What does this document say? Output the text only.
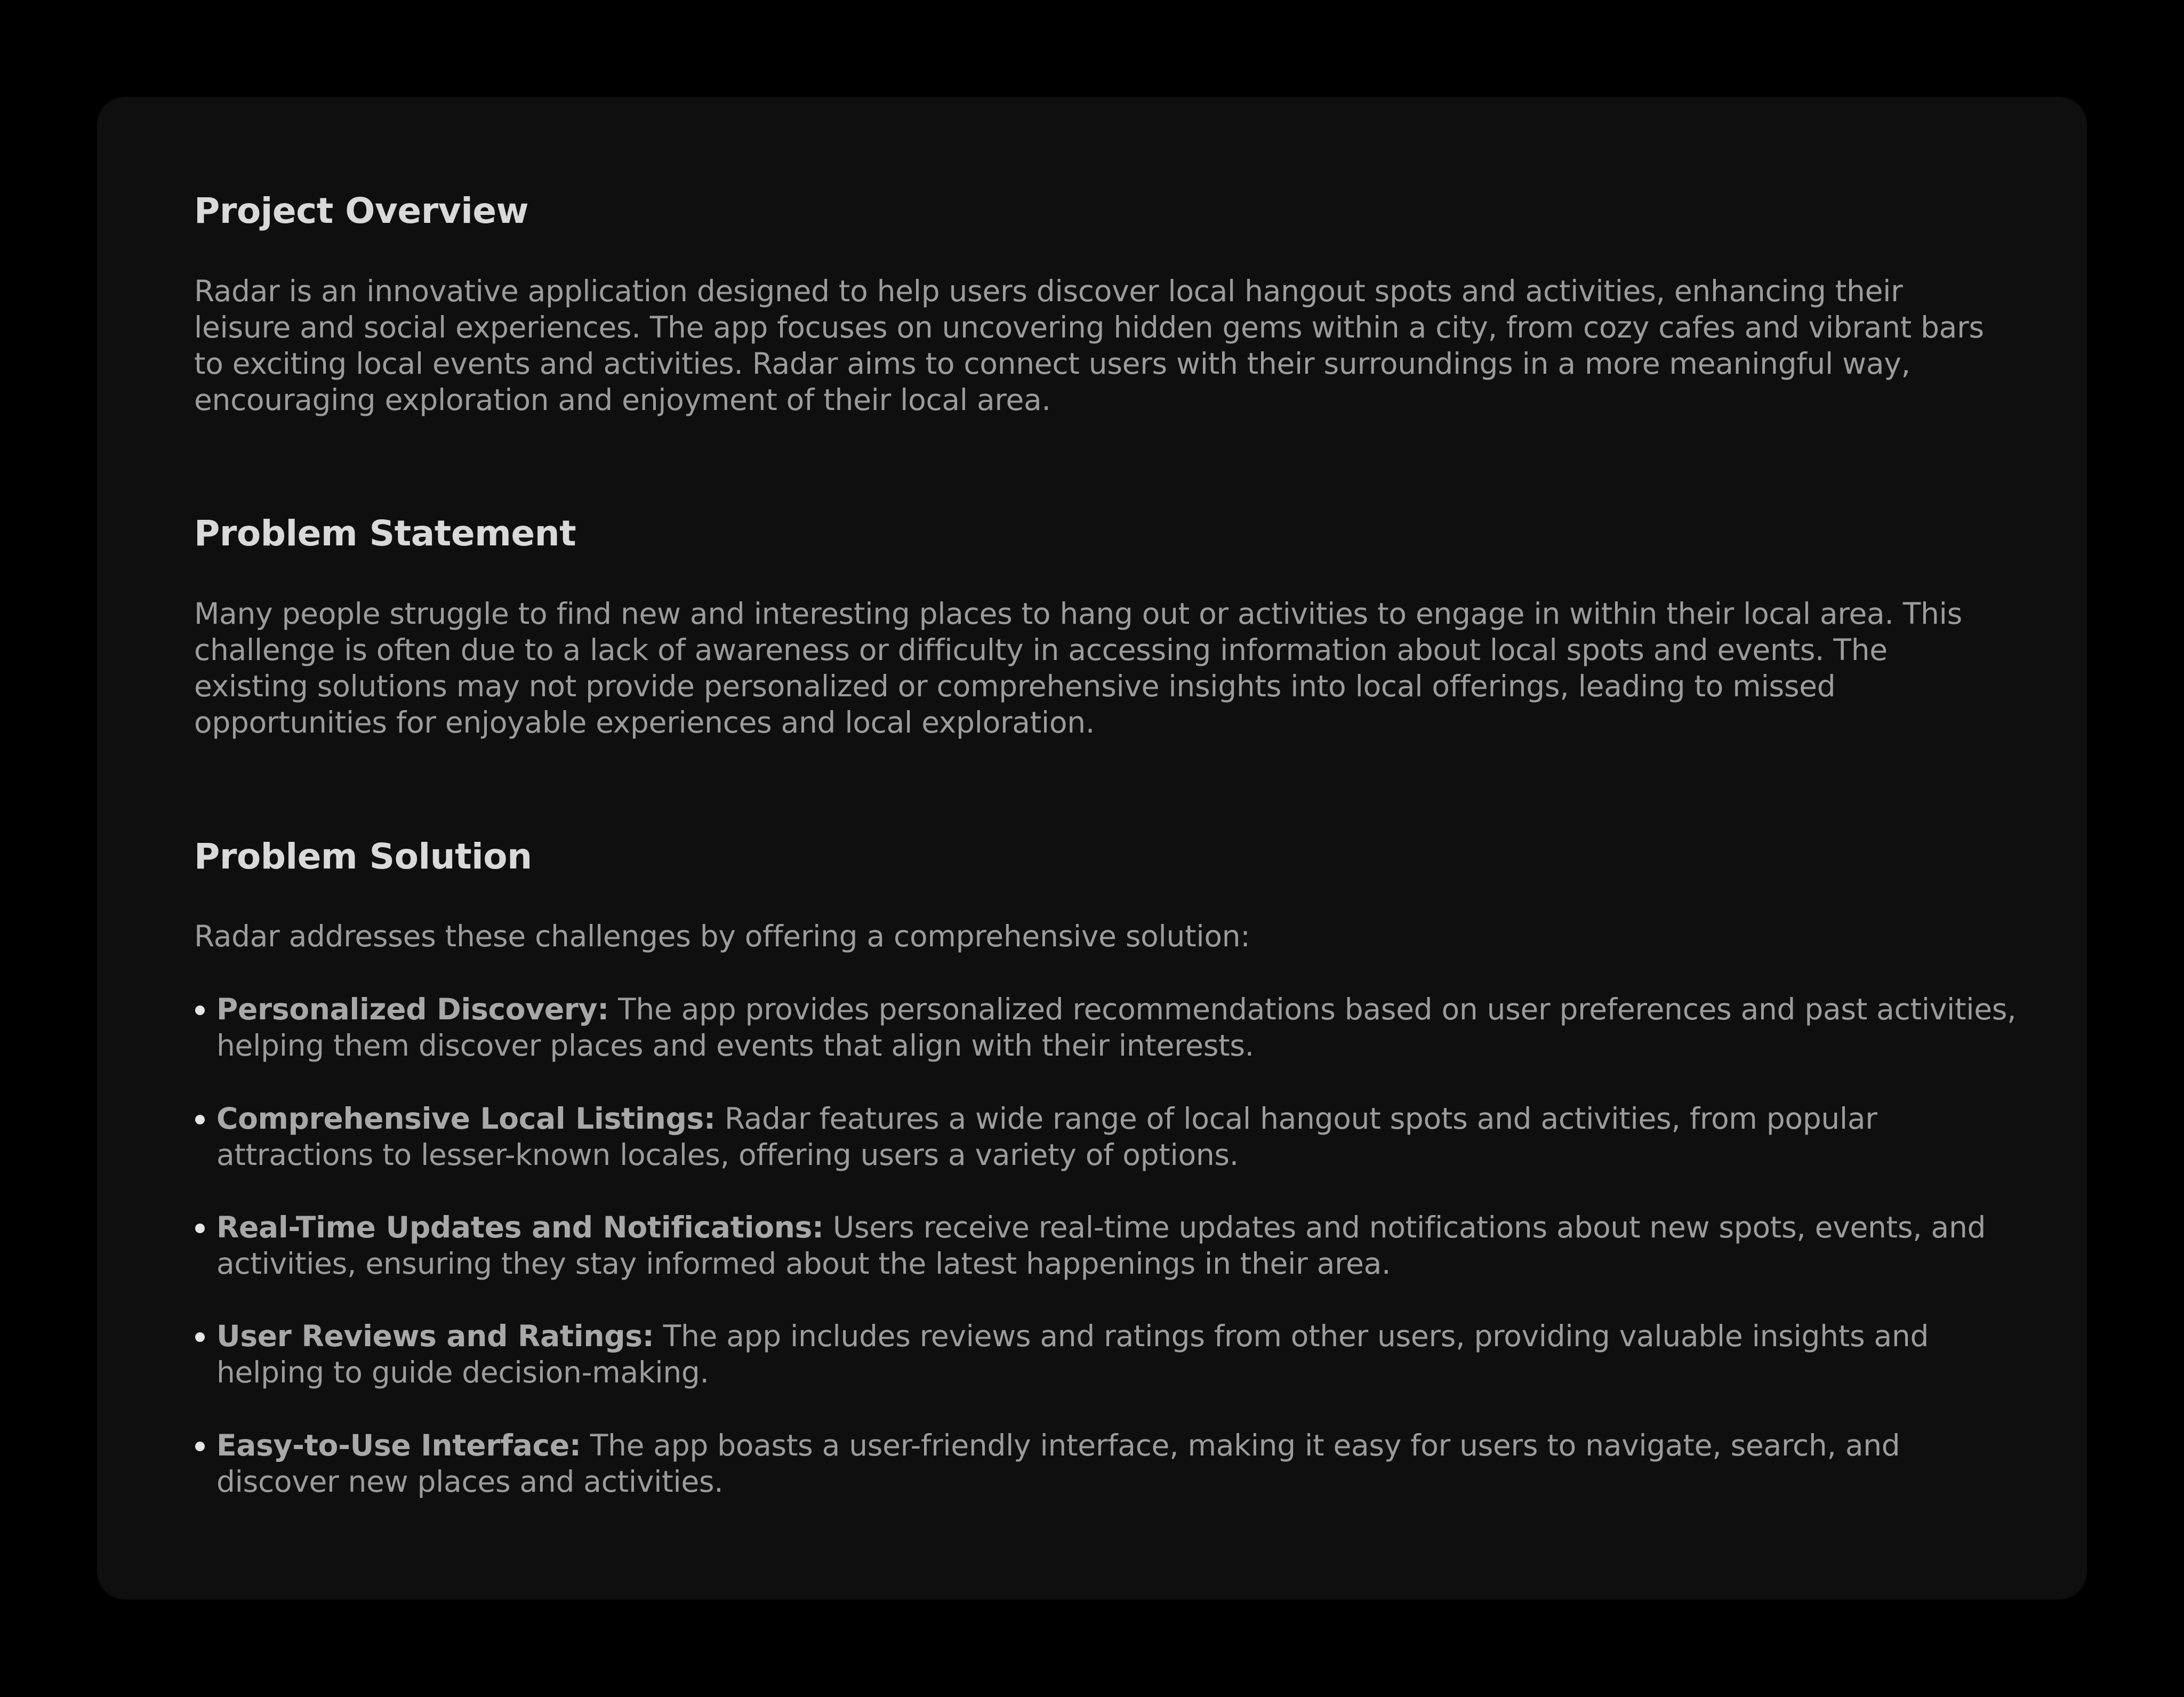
Project Overview

Radar is an innovative application designed to help users discover local hangout spots and activities, enhancing their leisure and social experiences. The app focuses on uncovering hidden gems within a city, from cozy cafes and vibrant bars to exciting local events and activities. Radar aims to connect users with their surroundings in a more meaningful way, encouraging exploration and enjoyment of their local area.

Problem Statement

Many people struggle to find new and interesting places to hang out or activities to engage in within their local area. This challenge is often due to a lack of awareness or difficulty in accessing information about local spots and events. The existing solutions may not provide personalized or comprehensive insights into local offerings, leading to missed opportunities for enjoyable experiences and local exploration.

Problem Solution

Radar addresses these challenges by offering a comprehensive solution:

Personalized Discovery: The app provides personalized recommendations based on user preferences and past activities, helping them discover places and events that align with their interests.

Comprehensive Local Listings: Radar features a wide range of local hangout spots and activities, from popular attractions to lesser-known locales, offering users a variety of options.

Real-Time Updates and Notifications: Users receive real-time updates and notifications about new spots, events, and activities, ensuring they stay informed about the latest happenings in their area.

User Reviews and Ratings: The app includes reviews and ratings from other users, providing valuable insights and helping to guide decision-making.

Easy-to-Use Interface: The app boasts a user-friendly interface, making it easy for users to navigate, search, and discover new places and activities.
